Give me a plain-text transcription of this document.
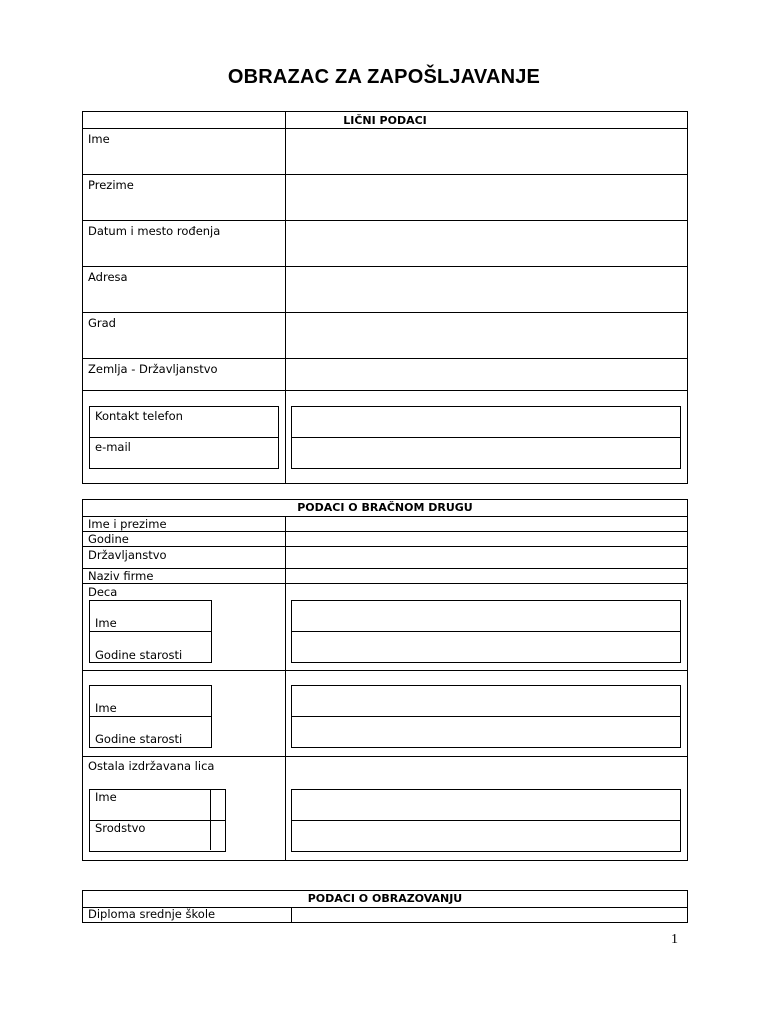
OBRAZAC ZA ZAPOŠLJAVANJE
LIČNI PODACI
Ime
Prezime
Datum i mesto rođenja
Adresa
Grad
Zemlja - Državljanstvo
Kontakt telefon
e-mail
PODACI O BRAČNOM DRUGU
Ime i prezime
Godine
Državljanstvo
Naziv firme
Deca
Ime
Godine starosti
Ime
Godine starosti
Ostala izdržavana lica
Ime
Srodstvo
PODACI O OBRAZOVANJU
Diploma srednje škole
1
